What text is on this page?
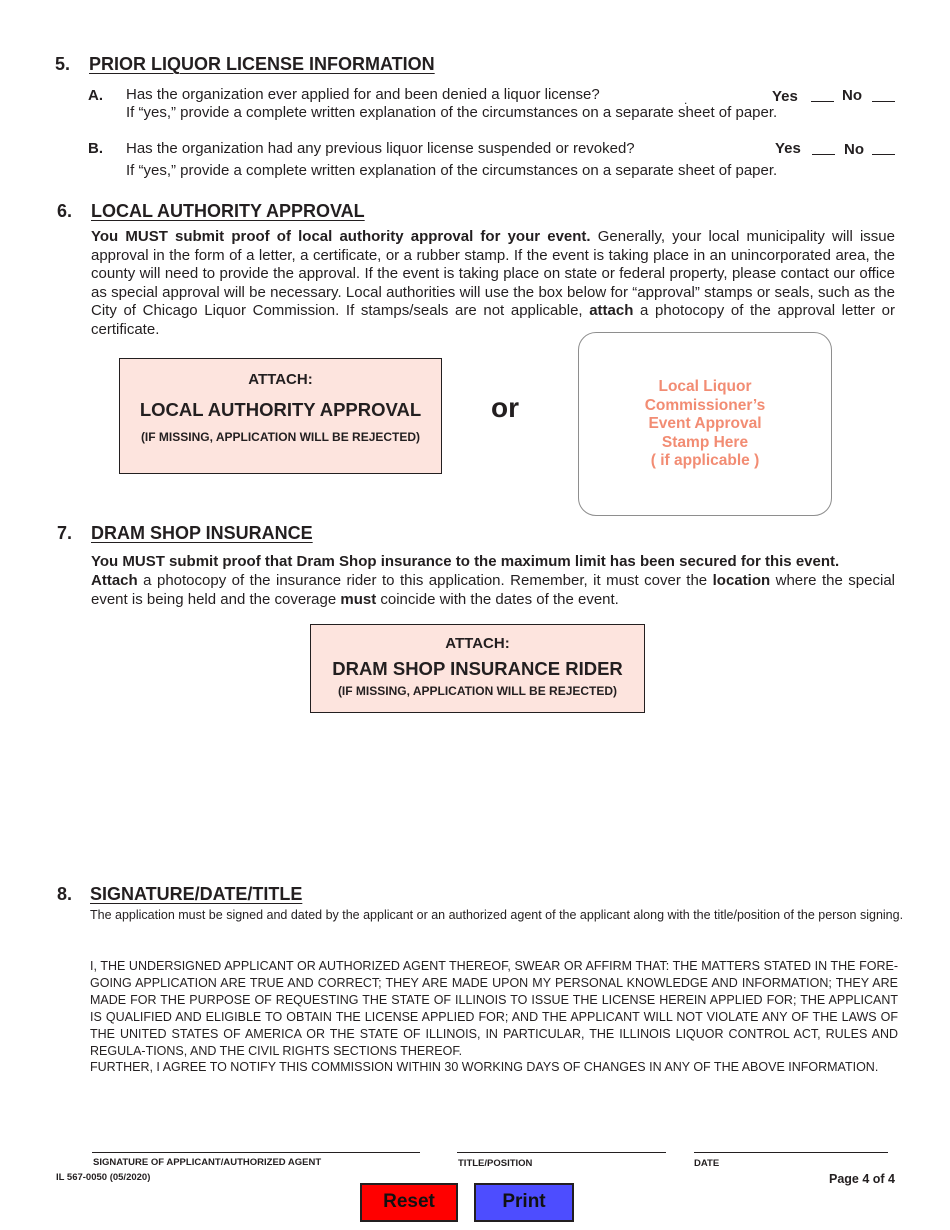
5. PRIOR LIQUOR LICENSE INFORMATION
A. Has the organization ever applied for and been denied a liquor license?
If “yes,” provide a complete written explanation of the circumstances on a separate sheet of paper.
.	Yes	No
B. Has the organization had any previous liquor license suspended or revoked?
If “yes,” provide a complete written explanation of the circumstances on a separate sheet of paper.
Yes	No
6. LOCAL AUTHORITY APPROVAL
You MUST submit proof of local authority approval for your event. Generally, your local municipality will issue approval in the form of a letter, a certificate, or a rubber stamp. If the event is taking place in an unincorporated area, the county will need to provide the approval. If the event is taking place on state or federal property, please contact our office as special approval will be necessary. Local authorities will use the box below for “approval” stamps or seals, such as the City of Chicago Liquor Commission. If stamps/seals are not applicable, attach a photocopy of the approval letter or certificate.
ATTACH:
LOCAL AUTHORITY APPROVAL
(IF MISSING, APPLICATION WILL BE REJECTED)
or
Local Liquor
Commissioner’s
Event Approval
Stamp Here
( if applicable )
7. DRAM SHOP INSURANCE
You MUST submit proof that Dram Shop insurance to the maximum limit has been secured for this event.
Attach a photocopy of the insurance rider to this application. Remember, it must cover the location where the special event is being held and the coverage must coincide with the dates of the event.
ATTACH:
DRAM SHOP INSURANCE RIDER
(IF MISSING, APPLICATION WILL BE REJECTED)
8. SIGNATURE/DATE/TITLE
The application must be signed and dated by the applicant or an authorized agent of the applicant along with the title/position of the person signing.
I, THE UNDERSIGNED APPLICANT OR AUTHORIZED AGENT THEREOF, SWEAR OR AFFIRM THAT: THE MATTERS STATED IN THE FORE-GOING APPLICATION ARE TRUE AND CORRECT; THEY ARE MADE UPON MY PERSONAL KNOWLEDGE AND INFORMATION; THEY ARE MADE FOR THE PURPOSE OF REQUESTING THE STATE OF ILLINOIS TO ISSUE THE LICENSE HEREIN APPLIED FOR; THE APPLICANT IS QUALIFIED AND ELIGIBLE TO OBTAIN THE LICENSE APPLIED FOR; AND THE APPLICANT WILL NOT VIOLATE ANY OF THE LAWS OF THE UNITED STATES OF AMERICA OR THE STATE OF ILLINOIS, IN PARTICULAR, THE ILLINOIS LIQUOR CONTROL ACT, RULES AND REGULA-TIONS, AND THE CIVIL RIGHTS SECTIONS THEREOF.
FURTHER, I AGREE TO NOTIFY THIS COMMISSION WITHIN 30 WORKING DAYS OF CHANGES IN ANY OF THE ABOVE INFORMATION.
SIGNATURE OF APPLICANT/AUTHORIZED AGENT	TITLE/POSITION	DATE
IL 567-0050 (05/2020)	Page 4 of 4
Reset	Print
